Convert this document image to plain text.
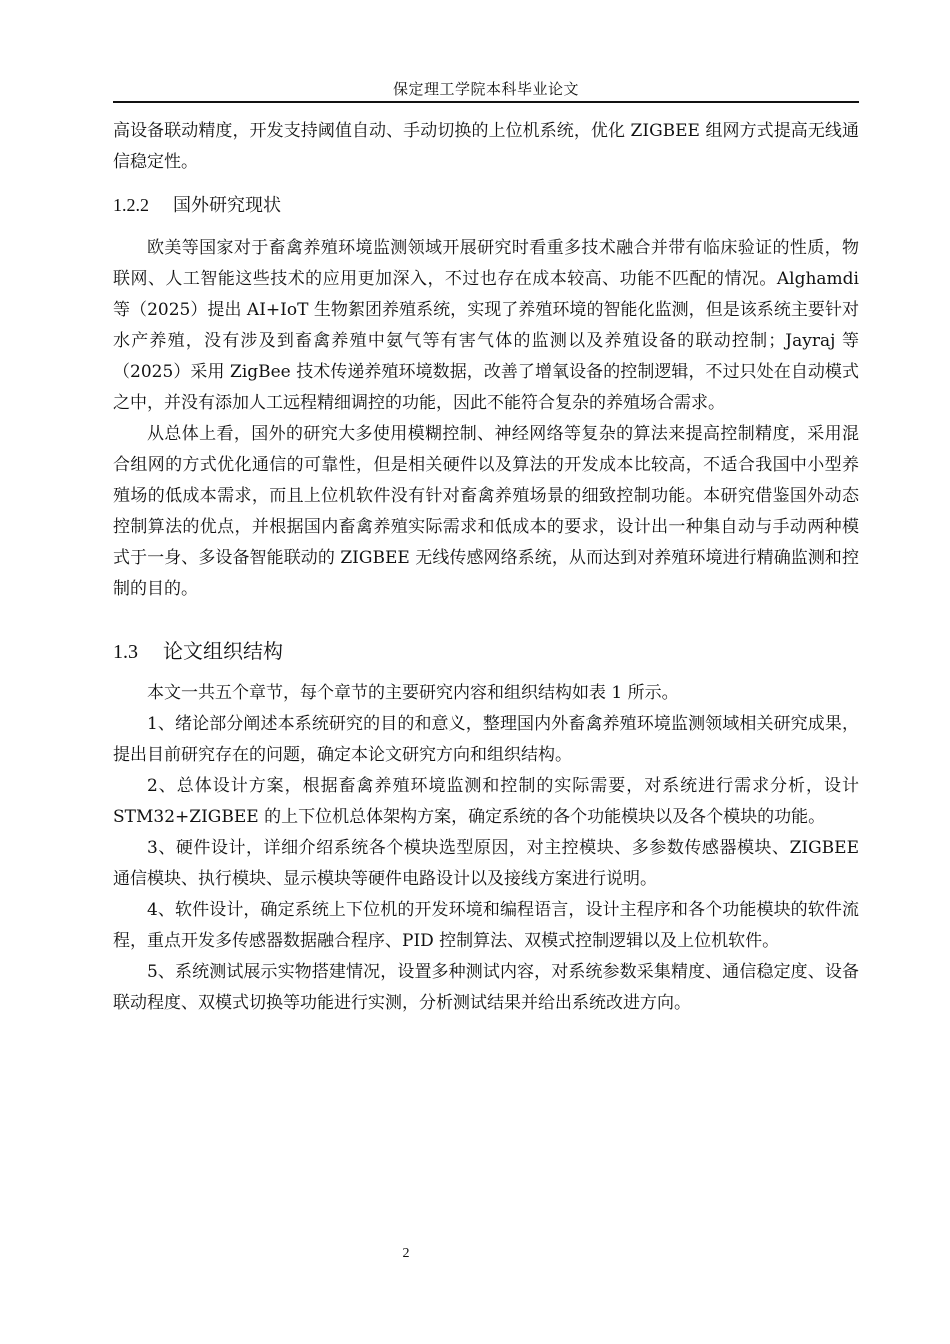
保定理工学院本科毕业论文

高设备联动精度，开发支持阈值自动、手动切换的上位机系统，优化 ZIGBEE 组网方式提高无线通信稳定性。

1.2.2 国外研究现状

欧美等国家对于畜禽养殖环境监测领域开展研究时看重多技术融合并带有临床验证的性质，物联网、人工智能这些技术的应用更加深入，不过也存在成本较高、功能不匹配的情况。Alghamdi 等（2025）提出 AI+IoT 生物絮团养殖系统，实现了养殖环境的智能化监测，但是该系统主要针对水产养殖，没有涉及到畜禽养殖中氨气等有害气体的监测以及养殖设备的联动控制；Jayraj 等（2025）采用 ZigBee 技术传递养殖环境数据，改善了增氧设备的控制逻辑，不过只处在自动模式之中，并没有添加人工远程精细调控的功能，因此不能符合复杂的养殖场合需求。

从总体上看，国外的研究大多使用模糊控制、神经网络等复杂的算法来提高控制精度，采用混合组网的方式优化通信的可靠性，但是相关硬件以及算法的开发成本比较高，不适合我国中小型养殖场的低成本需求，而且上位机软件没有针对畜禽养殖场景的细致控制功能。本研究借鉴国外动态控制算法的优点，并根据国内畜禽养殖实际需求和低成本的要求，设计出一种集自动与手动两种模式于一身、多设备智能联动的 ZIGBEE 无线传感网络系统，从而达到对养殖环境进行精确监测和控制的目的。

1.3 论文组织结构

本文一共五个章节，每个章节的主要研究内容和组织结构如表 1 所示。

1、绪论部分阐述本系统研究的目的和意义，整理国内外畜禽养殖环境监测领域相关研究成果，提出目前研究存在的问题，确定本论文研究方向和组织结构。

2、总体设计方案，根据畜禽养殖环境监测和控制的实际需要，对系统进行需求分析，设计 STM32+ZIGBEE 的上下位机总体架构方案，确定系统的各个功能模块以及各个模块的功能。

3、硬件设计，详细介绍系统各个模块选型原因，对主控模块、多参数传感器模块、ZIGBEE 通信模块、执行模块、显示模块等硬件电路设计以及接线方案进行说明。

4、软件设计，确定系统上下位机的开发环境和编程语言，设计主程序和各个功能模块的软件流程，重点开发多传感器数据融合程序、PID 控制算法、双模式控制逻辑以及上位机软件。

5、系统测试展示实物搭建情况，设置多种测试内容，对系统参数采集精度、通信稳定度、设备联动程度、双模式切换等功能进行实测，分析测试结果并给出系统改进方向。

2
